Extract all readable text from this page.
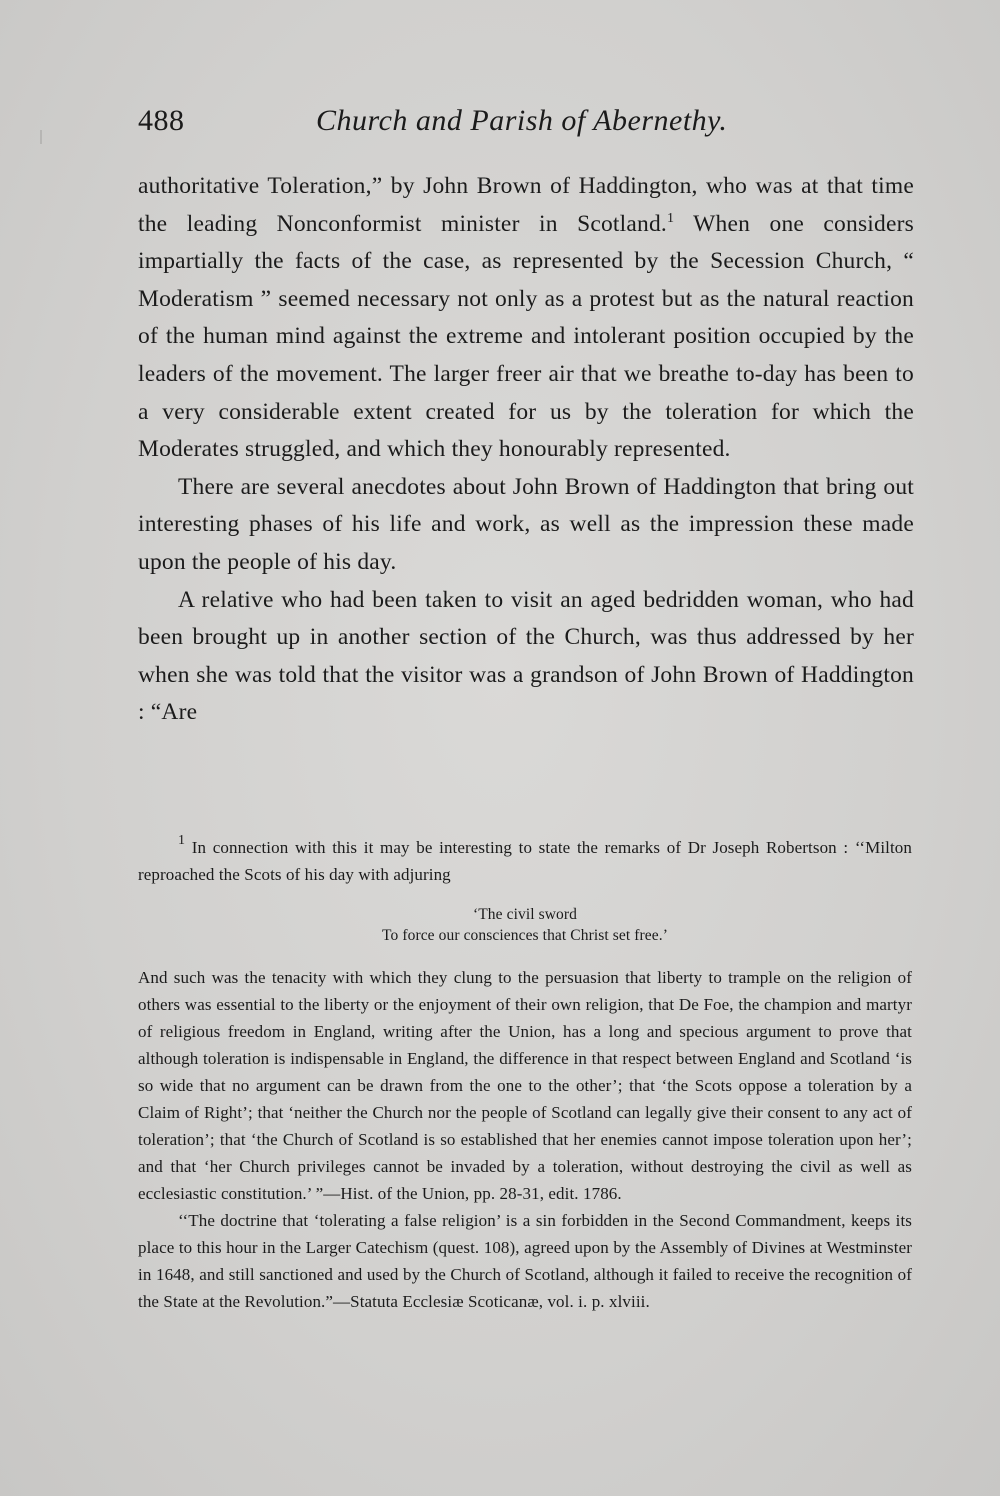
488	Church and Parish of Abernethy.

authoritative Toleration,” by John Brown of Haddington, who was at that time the leading Nonconformist minister in Scotland.$^1$ When one considers impartially the facts of the case, as represented by the Secession Church, “ Moderatism ” seemed necessary not only as a protest but as the natural reaction of the human mind against the extreme and intolerant position occupied by the leaders of the movement. The larger freer air that we breathe to-day has been to a very considerable extent created for us by the toleration for which the Moderates struggled, and which they honourably represented.

There are several anecdotes about John Brown of Haddington that bring out interesting phases of his life and work, as well as the impression these made upon the people of his day.

A relative who had been taken to visit an aged bedridden woman, who had been brought up in another section of the Church, was thus addressed by her when she was told that the visitor was a grandson of John Brown of Haddington : “Are

$^1$ In connection with this it may be interesting to state the remarks of Dr Joseph Robertson : ‘‘Milton reproached the Scots of his day with adjuring

‘The civil sword
To force our consciences that Christ set free.’

And such was the tenacity with which they clung to the persuasion that liberty to trample on the religion of others was essential to the liberty or the enjoyment of their own religion, that De Foe, the champion and martyr of religious freedom in England, writing after the Union, has a long and specious argument to prove that although toleration is indispensable in England, the difference in that respect between England and Scotland ‘is so wide that no argument can be drawn from the one to the other’; that ‘the Scots oppose a toleration by a Claim of Right’; that ‘neither the Church nor the people of Scotland can legally give their consent to any act of toleration’; that ‘the Church of Scotland is so established that her enemies cannot impose toleration upon her’; and that ‘her Church privileges cannot be invaded by a toleration, without destroying the civil as well as ecclesiastic constitution.’ ”—Hist. of the Union, pp. 28-31, edit. 1786.

‘‘The doctrine that ‘tolerating a false religion’ is a sin forbidden in the Second Commandment, keeps its place to this hour in the Larger Catechism (quest. 108), agreed upon by the Assembly of Divines at Westminster in 1648, and still sanctioned and used by the Church of Scotland, although it failed to receive the recognition of the State at the Revolution.”—Statuta Ecclesiæ Scoticanæ, vol. i. p. xlviii.
